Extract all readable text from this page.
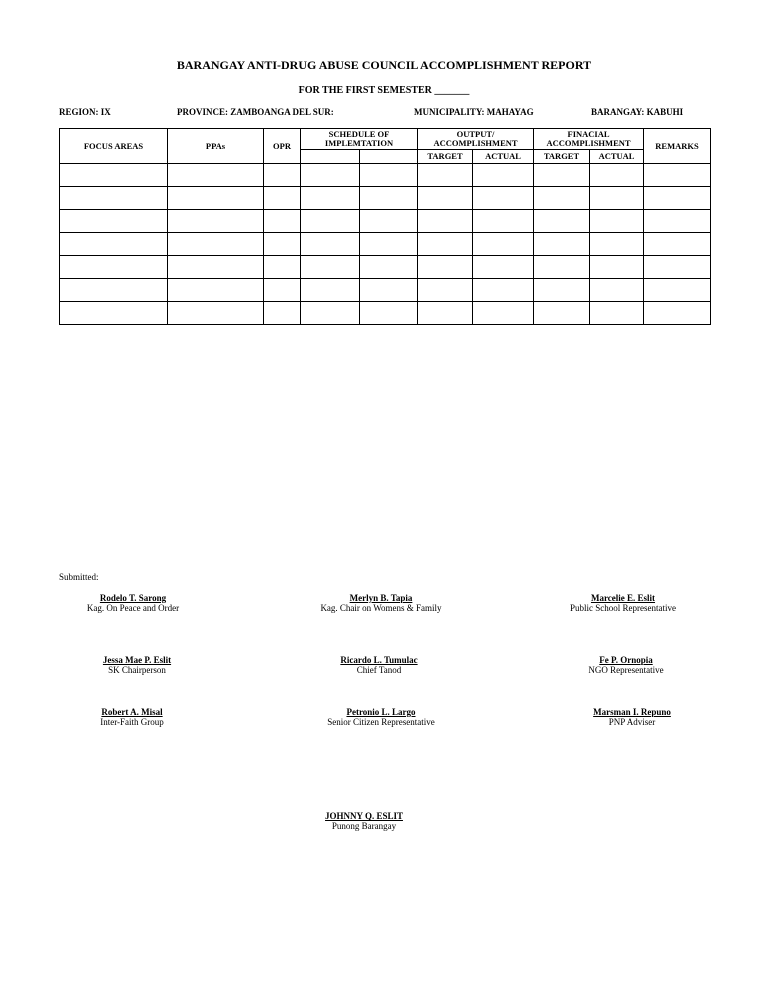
BARANGAY ANTI-DRUG ABUSE COUNCIL ACCOMPLISHMENT REPORT
FOR THE FIRST SEMESTER _______
REGION: IX	PROVINCE: ZAMBOANGA DEL SUR:	MUNICIPALITY: MAHAYAG	BARANGAY: KABUHI
FOCUS AREAS	PPAs	OPR	SCHEDULE OF IMPLEMTATION		OUTPUT/ ACCOMPLISHMENT		FINACIAL ACCOMPLISHMENT		REMARKS
					TARGET	ACTUAL	TARGET	ACTUAL	

Submitted:
Rodelo T. Sarong
Kag. On Peace and Order
Merlyn B. Tapia
Kag. Chair on Womens & Family
Marcelie E. Eslit
Public School Representative
Jessa Mae P. Eslit
SK Chairperson
Ricardo L. Tumulac
Chief Tanod
Fe P. Ornopia
NGO Representative
Robert A. Misal
Inter-Faith Group
Petronio L. Largo
Senior Citizen Representative
Marsman I. Repuno
PNP Adviser
JOHNNY Q. ESLIT
Punong Barangay
